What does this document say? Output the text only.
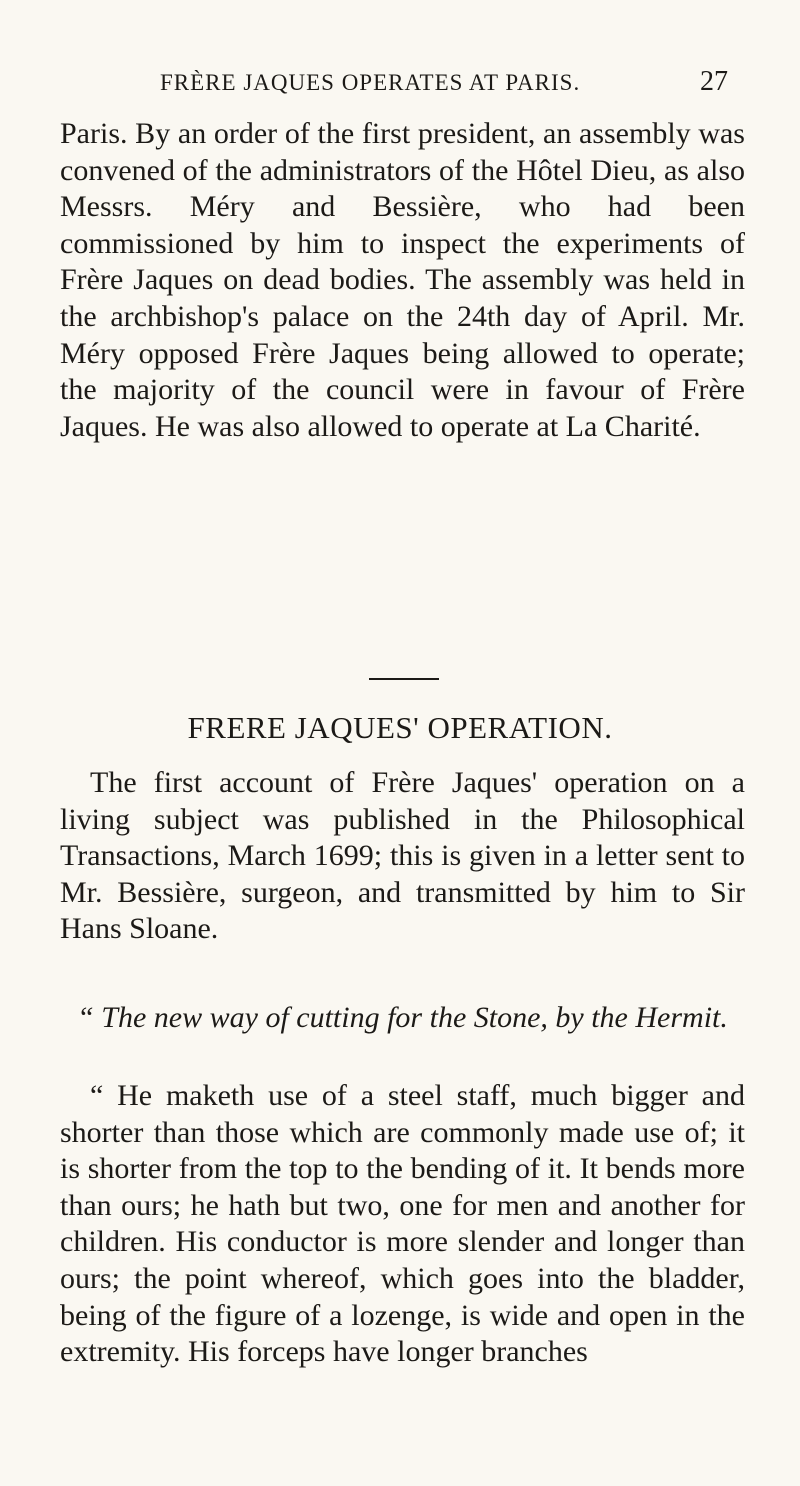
FRÈRE JAQUES OPERATES AT PARIS.	27

Paris. By an order of the first president, an assembly was convened of the administrators of the Hôtel Dieu, as also Messrs. Méry and Bessière, who had been commissioned by him to inspect the experiments of Frère Jaques on dead bodies. The assembly was held in the archbishop's palace on the 24th day of April. Mr. Méry opposed Frère Jaques being allowed to operate; the majority of the council were in favour of Frère Jaques. He was also allowed to operate at La Charité.

FRERE JAQUES' OPERATION.

The first account of Frère Jaques' operation on a living subject was published in the Philosophical Transactions, March 1699; this is given in a letter sent to Mr. Bessière, surgeon, and transmitted by him to Sir Hans Sloane.

“ The new way of cutting for the Stone, by the Hermit.

“ He maketh use of a steel staff, much bigger and shorter than those which are commonly made use of; it is shorter from the top to the bending of it. It bends more than ours; he hath but two, one for men and another for children. His conductor is more slender and longer than ours; the point whereof, which goes into the bladder, being of the figure of a lozenge, is wide and open in the extremity. His forceps have longer branches
